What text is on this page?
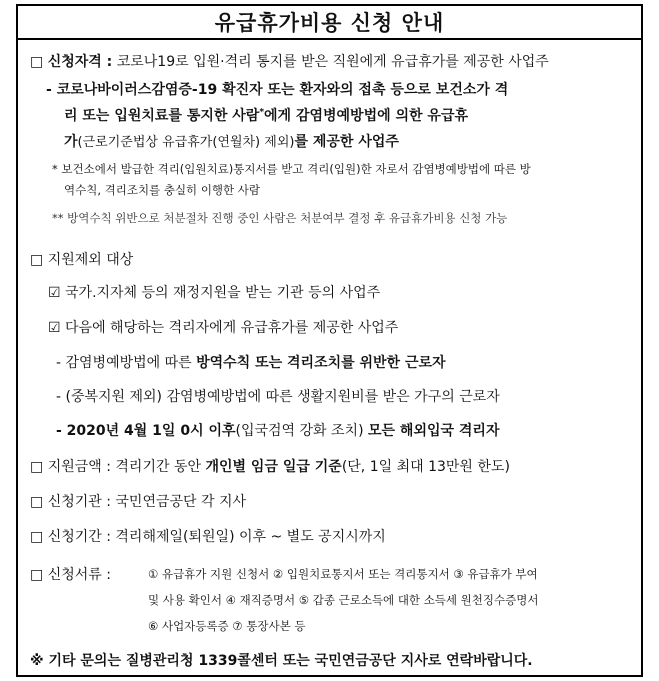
유급휴가비용 신청 안내
□ 신청자격 : 코로나19로 입원·격리 통지를 받은 직원에게 유급휴가를 제공한 사업주
- 코로나바이러스감염증-19 확진자 또는 환자와의 접촉 등으로 보건소가 격
리 또는 입원치료를 통지한 사람*에게 감염병예방법에 의한 유급휴
가(근로기준법상 유급휴가(연월차) 제외)를 제공한 사업주
* 보건소에서 발급한 격리(입원치료)통지서를 받고 격리(입원)한 자로서 감염병예방법에 따른 방
역수칙, 격리조치를 충실히 이행한 사람
** 방역수칙 위반으로 처분절차 진행 중인 사람은 처분여부 결정 후 유급휴가비용 신청 가능
□ 지원제외 대상
☑ 국가.지자체 등의 재정지원을 받는 기관 등의 사업주
☑ 다음에 해당하는 격리자에게 유급휴가를 제공한 사업주
- 감염병예방법에 따른 방역수칙 또는 격리조치를 위반한 근로자
- (중복지원 제외) 감염병예방법에 따른 생활지원비를 받은 가구의 근로자
- 2020년 4월 1일 0시 이후(입국검역 강화 조치) 모든 해외입국 격리자
□ 지원금액 : 격리기간 동안 개인별 임금 일급 기준(단, 1일 최대 13만원 한도)
□ 신청기관 : 국민연금공단 각 지사
□ 신청기간 : 격리해제일(퇴원일) 이후 ~ 별도 공지시까지
□ 신청서류 :	① 유급휴가 지원 신청서 ② 입원치료통지서 또는 격리통지서 ③ 유급휴가 부여
및 사용 확인서 ④ 재직증명서 ⑤ 갑종 근로소득에 대한 소득세 원천징수증명서
⑥ 사업자등록증 ⑦ 통장사본 등
※ 기타 문의는 질병관리청 1339콜센터 또는 국민연금공단 지사로 연락바랍니다.
